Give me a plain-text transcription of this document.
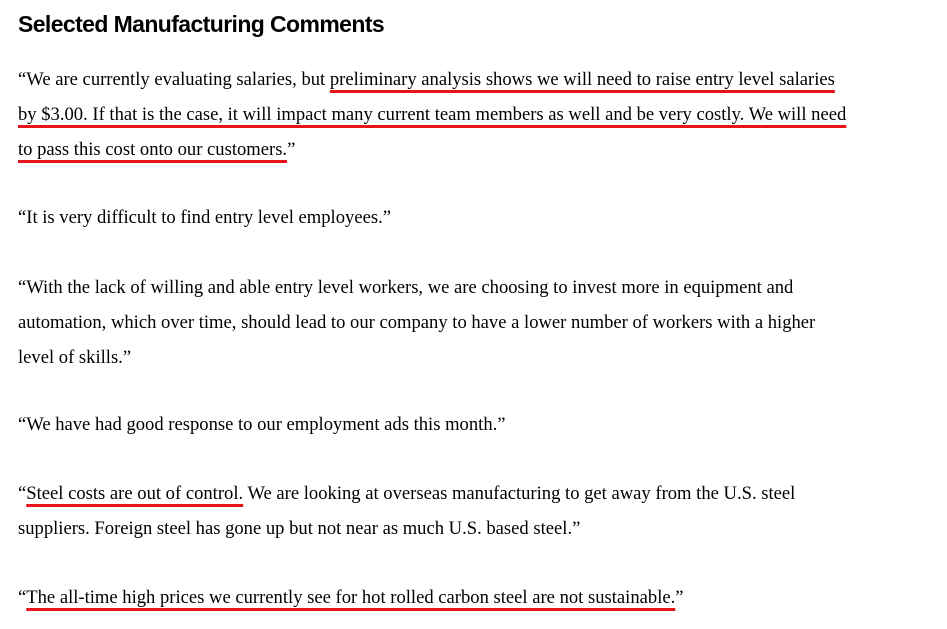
Selected Manufacturing Comments

“We are currently evaluating salaries, but preliminary analysis shows we will need to raise entry level salaries
by $3.00. If that is the case, it will impact many current team members as well and be very costly. We will need
to pass this cost onto our customers.”

“It is very difficult to find entry level employees.”

“With the lack of willing and able entry level workers, we are choosing to invest more in equipment and
automation, which over time, should lead to our company to have a lower number of workers with a higher
level of skills.”

“We have had good response to our employment ads this month.”

“Steel costs are out of control. We are looking at overseas manufacturing to get away from the U.S. steel
suppliers. Foreign steel has gone up but not near as much U.S. based steel.”

“The all-time high prices we currently see for hot rolled carbon steel are not sustainable.”
